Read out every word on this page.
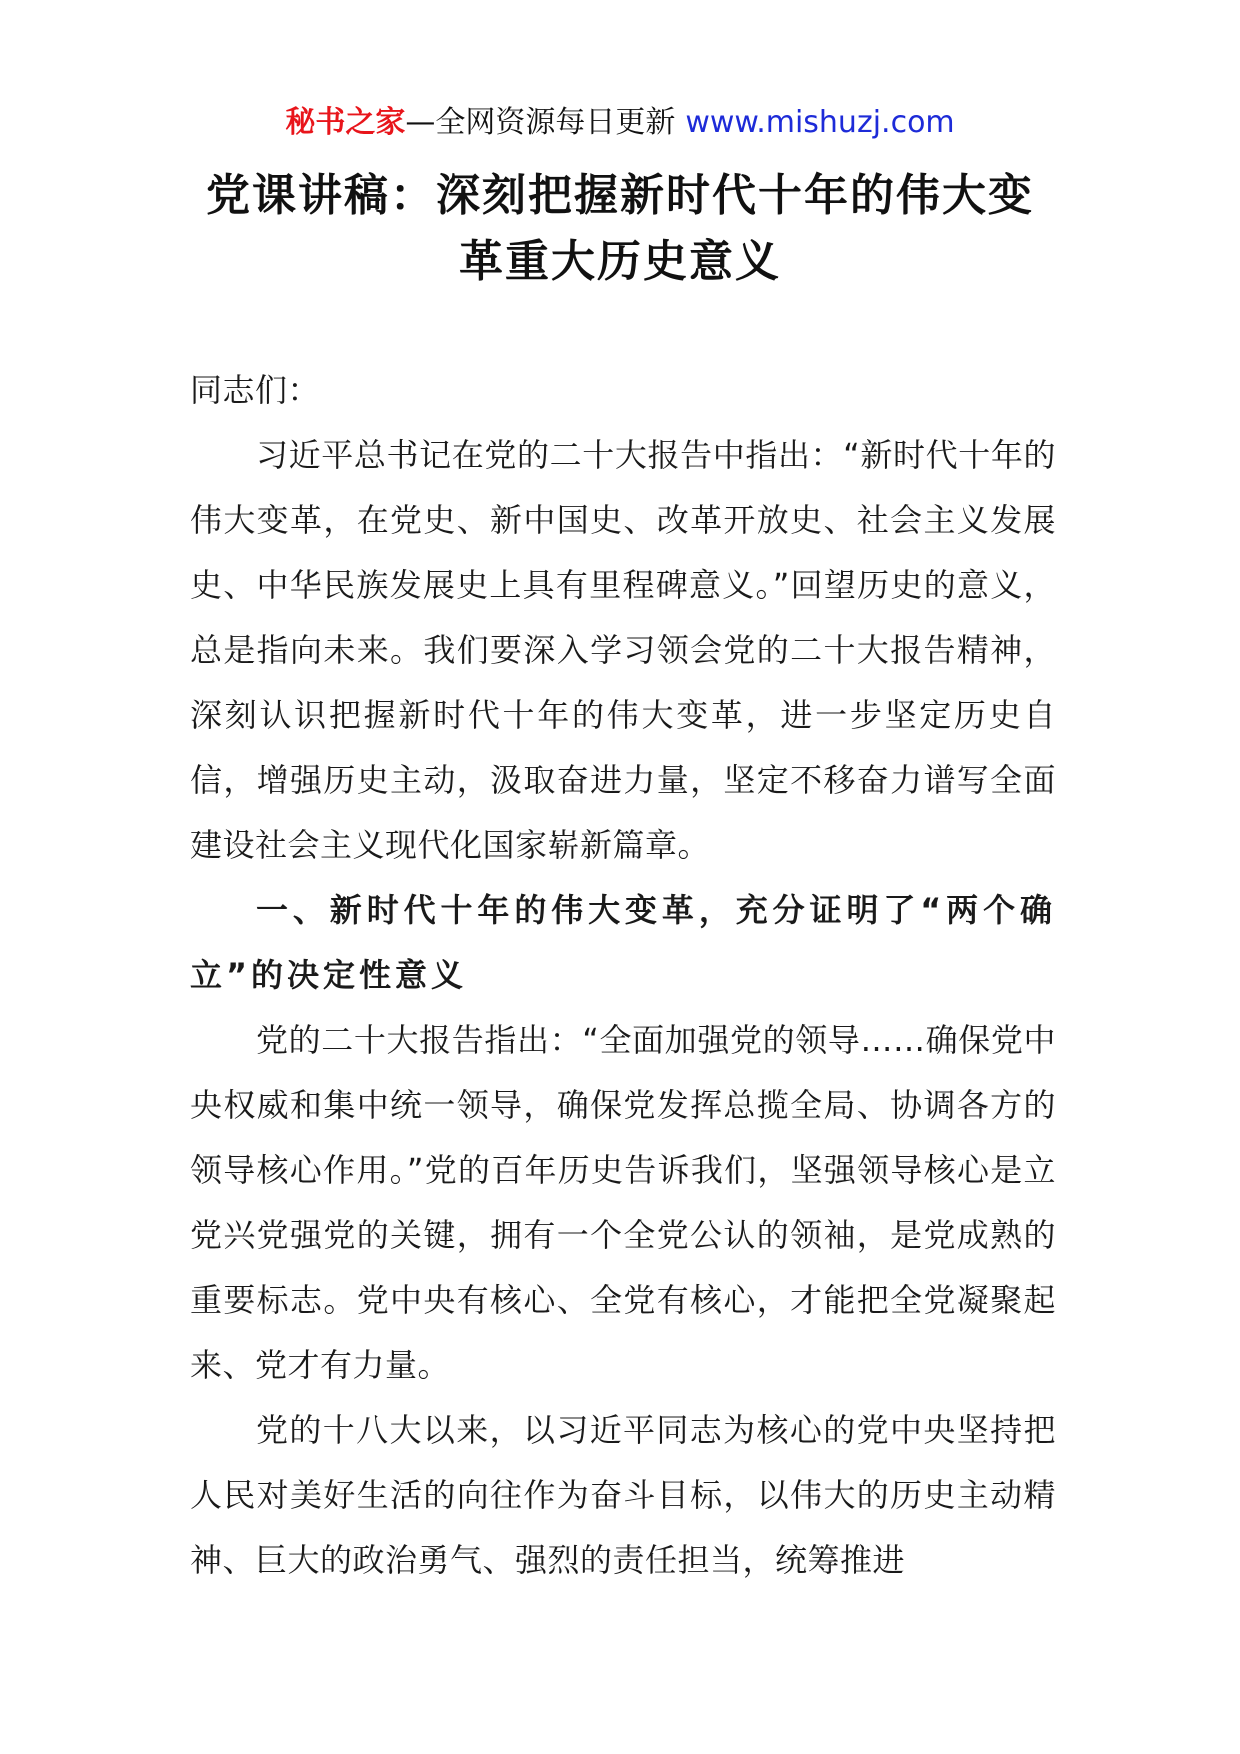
秘书之家—全网资源每日更新 www.mishuzj.com
党课讲稿：深刻把握新时代十年的伟大变革重大历史意义

同志们：

习近平总书记在党的二十大报告中指出：“新时代十年的伟大变革，在党史、新中国史、改革开放史、社会主义发展史、中华民族发展史上具有里程碑意义。”回望历史的意义，总是指向未来。我们要深入学习领会党的二十大报告精神，深刻认识把握新时代十年的伟大变革，进一步坚定历史自信，增强历史主动，汲取奋进力量，坚定不移奋力谱写全面建设社会主义现代化国家崭新篇章。

一、新时代十年的伟大变革，充分证明了“两个确立”的决定性意义

党的二十大报告指出：“全面加强党的领导……确保党中央权威和集中统一领导，确保党发挥总揽全局、协调各方的领导核心作用。”党的百年历史告诉我们，坚强领导核心是立党兴党强党的关键，拥有一个全党公认的领袖，是党成熟的重要标志。党中央有核心、全党有核心，才能把全党凝聚起来、党才有力量。

党的十八大以来，以习近平同志为核心的党中央坚持把人民对美好生活的向往作为奋斗目标，以伟大的历史主动精神、巨大的政治勇气、强烈的责任担当，统筹推进
